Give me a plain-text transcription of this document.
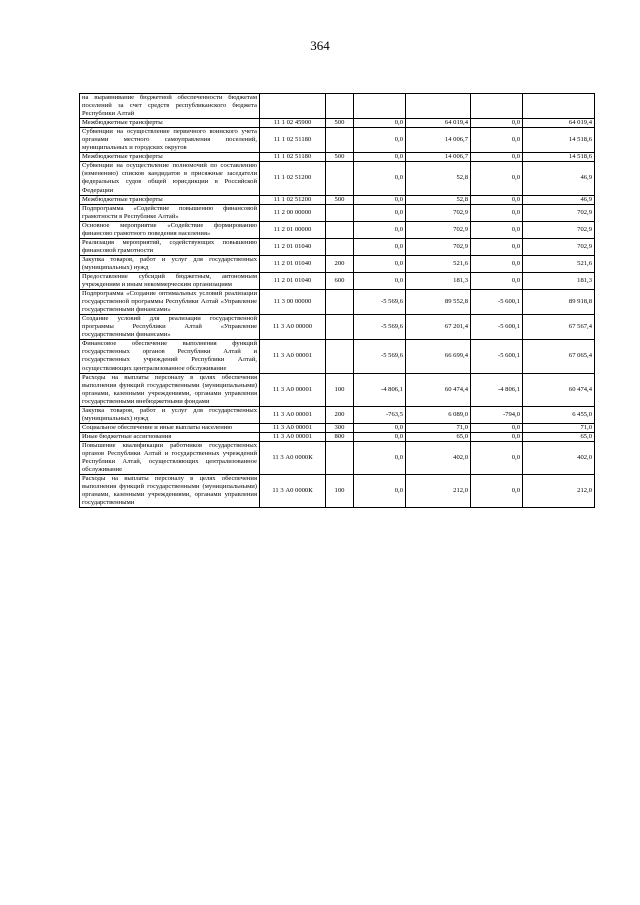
364
на выравнивание бюджетной обеспеченности бюджетам поселений за счет средств республиканского бюджета Республики Алтай						
Межбюджетные трансферты	11 1 02 45900	500	0,0	64 019,4	0,0	64 019,4
Субвенции на осуществление первичного воинского учета органами местного самоуправления поселений, муниципальных и городских округов	11 1 02 51180		0,0	14 006,7	0,0	14 518,6
Межбюджетные трансферты	11 1 02 51180	500	0,0	14 006,7	0,0	14 518,6
Субвенции на осуществление полномочий по составлению (изменению) списков кандидатов в присяжные заседатели федеральных судов общей юрисдикции в Российской Федерации	11 1 02 51200		0,0	52,8	0,0	46,9
Межбюджетные трансферты	11 1 02 51200	500	0,0	52,8	0,0	46,9
Подпрограмма «Содействие повышению финансовой грамотности в Республике Алтай»	11 2 00 00000		0,0	702,9	0,0	702,9
Основное мероприятие «Содействие формированию финансово грамотного поведения населения»	11 2 01 00000		0,0	702,9	0,0	702,9
Реализация мероприятий, содействующих повышению финансовой грамотности	11 2 01 01040		0,0	702,9	0,0	702,9
Закупка товаров, работ и услуг для государственных (муниципальных) нужд	11 2 01 01040	200	0,0	521,6	0,0	521,6
Предоставление субсидий бюджетным, автономным учреждениям и иным некоммерческим организациям	11 2 01 01040	600	0,0	181,3	0,0	181,3
Подпрограмма «Создание оптимальных условий реализации государственной программы Республики Алтай «Управление государственными финансами»	11 3 00 00000		-5 569,6	89 552,8	-5 600,1	89 918,8
Создание условий для реализации государственной программы Республики Алтай «Управление государственными финансами»	11 3 А0 00000		-5 569,6	67 201,4	-5 600,1	67 567,4
Финансовое обеспечение выполнения функций государственных органов Республики Алтай и государственных учреждений Республики Алтай, осуществляющих централизованное обслуживание	11 3 А0 00001		-5 569,6	66 699,4	-5 600,1	67 065,4
Расходы на выплаты персоналу в целях обеспечения выполнения функций государственными (муниципальными) органами, казенными учреждениями, органами управления государственными внебюджетными фондами	11 3 А0 00001	100	-4 806,1	60 474,4	-4 806,1	60 474,4
Закупка товаров, работ и услуг для государственных (муниципальных) нужд	11 3 А0 00001	200	-763,5	6 089,0	-794,0	6 455,0
Социальное обеспечение и иные выплаты населению	11 3 А0 00001	300	0,0	71,0	0,0	71,0
Иные бюджетные ассигнования	11 3 А0 00001	800	0,0	65,0	0,0	65,0
Повышение квалификации работников государственных органов Республики Алтай и государственных учреждений Республики Алтай, осуществляющих централизованное обслуживание	11 3 А0 0000К		0,0	402,0	0,0	402,0
Расходы на выплаты персоналу в целях обеспечения выполнения функций государственными (муниципальными) органами, казенными учреждениями, органами управления государственными	11 3 А0 0000К	100	0,0	212,0	0,0	212,0
